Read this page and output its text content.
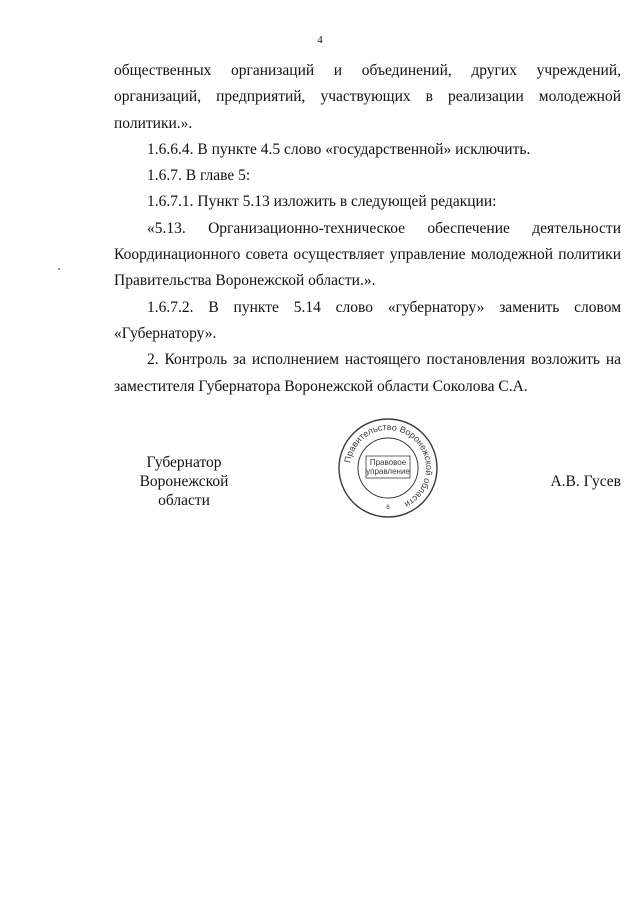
4

общественных организаций и объединений, других учреждений, организаций, предприятий, участвующих в реализации молодежной политики.».

1.6.6.4. В пункте 4.5 слово «государственной» исключить.

1.6.7. В главе 5:

1.6.7.1. Пункт 5.13 изложить в следующей редакции:

«5.13. Организационно-техническое обеспечение деятельности Координационного совета осуществляет управление молодежной политики Правительства Воронежской области.».

1.6.7.2. В пункте 5.14 слово «губернатору» заменить словом «Губернатору».

2. Контроль за исполнением настоящего постановления возложить на заместителя Губернатора Воронежской области Соколова С.А.

Губернатор
Воронежской области
А.В. Гусев
Правительство Воронежской области
Правовое
управление
6
